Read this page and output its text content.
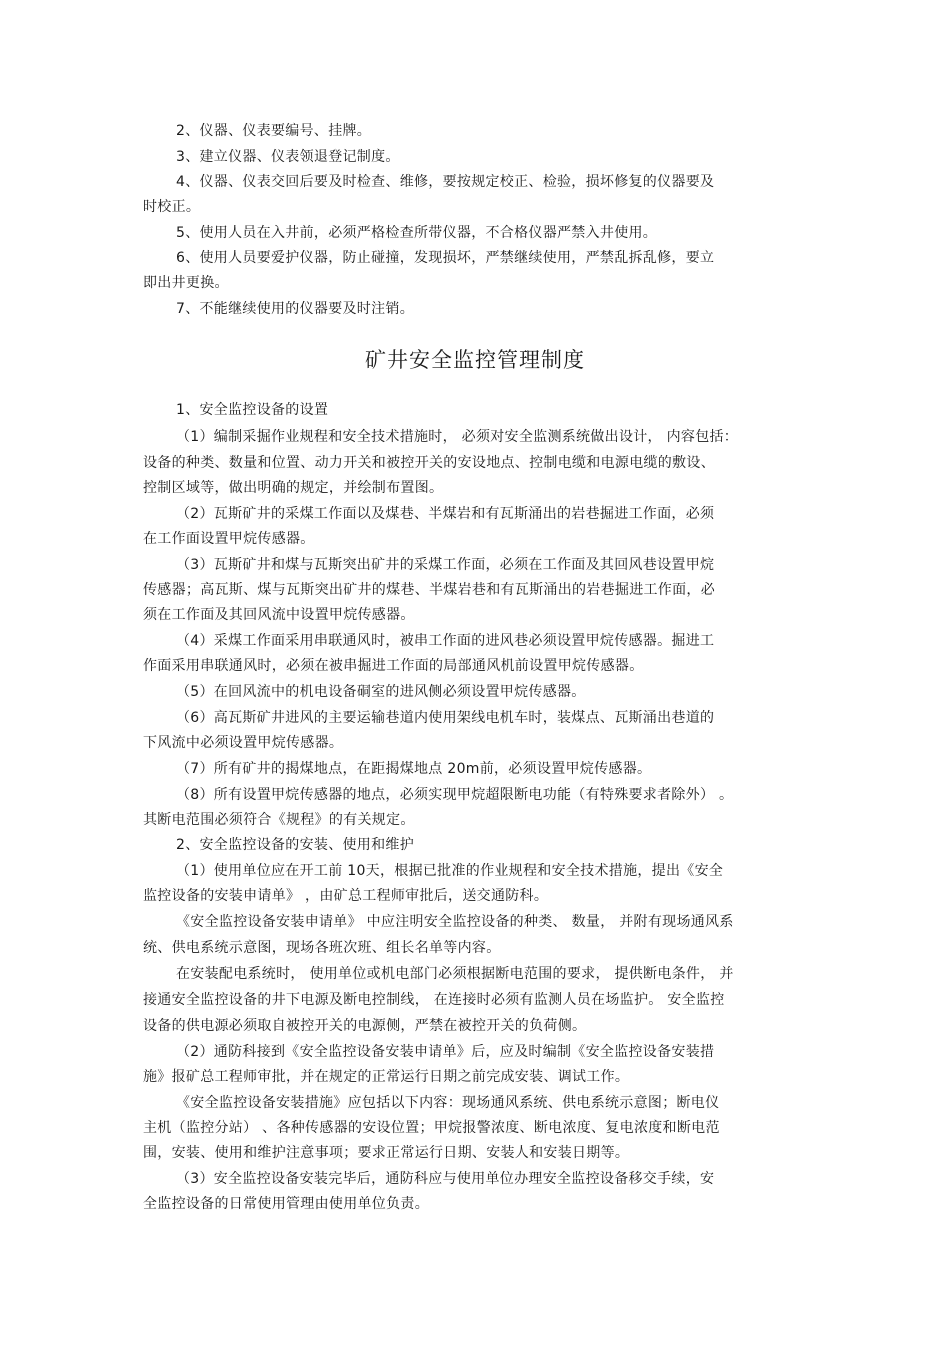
2、仪器、仪表要编号、挂牌。
3、建立仪器、仪表领退登记制度。
4、仪器、仪表交回后要及时检查、维修，要按规定校正、检验，损坏修复的仪器要及
时校正。
5、使用人员在入井前，必须严格检查所带仪器，不合格仪器严禁入井使用。
6、使用人员要爱护仪器，防止碰撞，发现损坏，严禁继续使用，严禁乱拆乱修，要立
即出井更换。
7、不能继续使用的仪器要及时注销。
矿井安全监控管理制度
1、安全监控设备的设置
（1）编制采掘作业规程和安全技术措施时， 必须对安全监测系统做出设计， 内容包括：
设备的种类、数量和位置、动力开关和被控开关的安设地点、控制电缆和电源电缆的敷设、
控制区域等，做出明确的规定，并绘制布置图。
（2）瓦斯矿井的采煤工作面以及煤巷、半煤岩和有瓦斯涌出的岩巷掘进工作面，必须
在工作面设置甲烷传感器。
（3）瓦斯矿井和煤与瓦斯突出矿井的采煤工作面，必须在工作面及其回风巷设置甲烷
传感器；高瓦斯、煤与瓦斯突出矿井的煤巷、半煤岩巷和有瓦斯涌出的岩巷掘进工作面，必
须在工作面及其回风流中设置甲烷传感器。
（4）采煤工作面采用串联通风时，被串工作面的进风巷必须设置甲烷传感器。掘进工
作面采用串联通风时，必须在被串掘进工作面的局部通风机前设置甲烷传感器。
（5）在回风流中的机电设备硐室的进风侧必须设置甲烷传感器。
（6）高瓦斯矿井进风的主要运输巷道内使用架线电机车时，装煤点、瓦斯涌出巷道的
下风流中必须设置甲烷传感器。
（7）所有矿井的揭煤地点，在距揭煤地点 20m前，必须设置甲烷传感器。
（8）所有设置甲烷传感器的地点，必须实现甲烷超限断电功能（有特殊要求者除外） 。
其断电范围必须符合《规程》的有关规定。
2、安全监控设备的安装、使用和维护
（1）使用单位应在开工前 10天，根据已批准的作业规程和安全技术措施，提出《安全
监控设备的安装申请单》 ，由矿总工程师审批后，送交通防科。
《安全监控设备安装申请单》 中应注明安全监控设备的种类、 数量， 并附有现场通风系
统、供电系统示意图，现场各班次班、组长名单等内容。
在安装配电系统时， 使用单位或机电部门必须根据断电范围的要求， 提供断电条件， 并
接通安全监控设备的井下电源及断电控制线， 在连接时必须有监测人员在场监护。 安全监控
设备的供电源必须取自被控开关的电源侧，严禁在被控开关的负荷侧。
（2）通防科接到《安全监控设备安装申请单》后，应及时编制《安全监控设备安装措
施》报矿总工程师审批，并在规定的正常运行日期之前完成安装、调试工作。
《安全监控设备安装措施》应包括以下内容：现场通风系统、供电系统示意图；断电仪
主机（监控分站） 、各种传感器的安设位置；甲烷报警浓度、断电浓度、复电浓度和断电范
围，安装、使用和维护注意事项；要求正常运行日期、安装人和安装日期等。
（3）安全监控设备安装完毕后，通防科应与使用单位办理安全监控设备移交手续，安
全监控设备的日常使用管理由使用单位负责。
